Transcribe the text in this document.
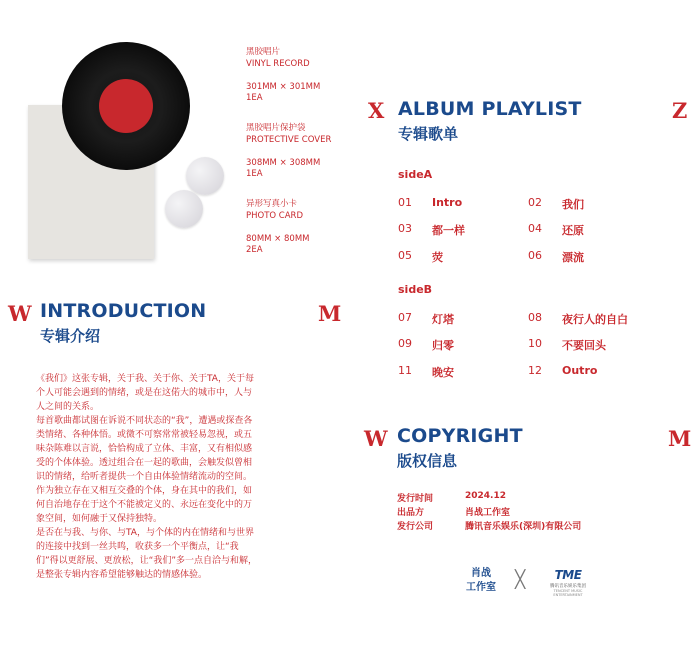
黑胶唱片
VINYL RECORD

301MM × 301MM
1EA
黑胶唱片保护袋
PROTECTIVE COVER

308MM × 308MM
1EA
异形写真小卡
PHOTO CARD

80MM × 80MM
2EA
X	Z
ALBUM PLAYLIST
专辑歌单
sideA
01 Intro	02 我们
03 都一样	04 还原
05 荧	06 漂流
sideB
07 灯塔	08 夜行人的自白
09 归零	10 不要回头
11 晚安	12 Outro
W	M
INTRODUCTION
专辑介绍

《我们》这张专辑，关于我、关于你、关于TA，关于每个人可能会遇到的情绪，或是在这偌大的城市中，人与人之间的关系。

每首歌曲都试图在诉说不同状态的“我”，遭遇或探查各类情绪、各种体悟。或微不可察常常被轻易忽视，或五味杂陈难以言说，恰恰构成了立体、丰富，又有相似感受的个体体验。透过组合在一起的歌曲，会触发似曾相识的情绪，给听者提供一个自由体验情绪流动的空间。

作为独立存在又相互交叠的个体，身在其中的我们，如何自治地存在于这个不能被定义的、永远在变化中的万象空间，如何融于又保持独特。

是否在与我、与你、与TA，与个体的内在情绪和与世界的连接中找到一丝共鸣，收获多一个平衡点，让“我们”得以更舒展、更放松，让“我们”多一点自洽与和解，是整张专辑内容希望能够触达的情感体验。

W	M
COPYRIGHT
版权信息
发行时间	2024.12
出品方	肖战工作室
发行公司	腾讯音乐娱乐(深圳)有限公司
肖战
工作室 ╳	TME
腾讯音乐娱乐集团
TENCENT MUSIC ENTERTAINMENT
